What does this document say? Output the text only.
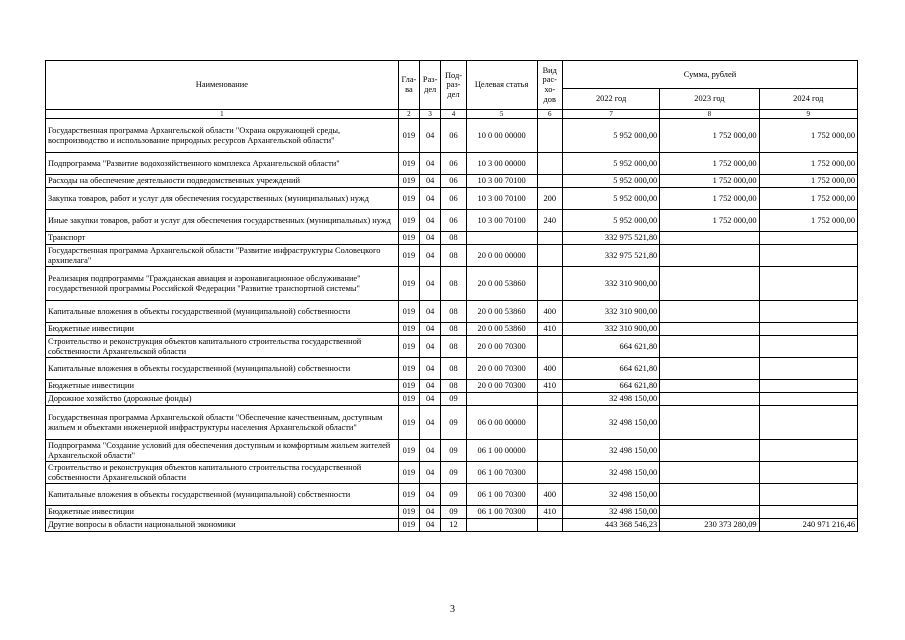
Наименование	Гла-ва	Раз-дел	Под-раз-дел	Целевая статья	Вид рас-хо-дов	Сумма, рублей		
						2022 год	2023 год	2024 год
1	2	3	4	5	6	7	8	9
Государственная программа Архангельской области "Охрана окружающей среды, воспроизводство и использование природных ресурсов Архангельской области"	019	04	06	10 0 00 00000		5 952 000,00	1 752 000,00	1 752 000,00
Подпрограмма "Развитие водохозяйственного комплекса Архангельской области"	019	04	06	10 3 00 00000		5 952 000,00	1 752 000,00	1 752 000,00
Расходы на обеспечение деятельности подведомственных учреждений	019	04	06	10 3 00 70100		5 952 000,00	1 752 000,00	1 752 000,00
Закупка товаров, работ и услуг для обеспечения государственных (муниципальных) нужд	019	04	06	10 3 00 70100	200	5 952 000,00	1 752 000,00	1 752 000,00
Иные закупки товаров, работ и услуг для обеспечения государственных (муниципальных) нужд	019	04	06	10 3 00 70100	240	5 952 000,00	1 752 000,00	1 752 000,00
Транспорт	019	04	08			332 975 521,80		
Государственная программа Архангельской области "Развитие инфраструктуры Соловецкого архипелага"	019	04	08	20 0 00 00000		332 975 521,80		
Реализация подпрограммы "Гражданская авиация и аэронавигационное обслуживание" государственной программы Российской Федерации "Развитие транспортной системы"	019	04	08	20 0 00 53860		332 310 900,00		
Капитальные вложения в объекты государственной (муниципальной) собственности	019	04	08	20 0 00 53860	400	332 310 900,00		
Бюджетные инвестиции	019	04	08	20 0 00 53860	410	332 310 900,00		
Строительство и реконструкция объектов капитального строительства государственной собственности Архангельской области	019	04	08	20 0 00 70300		664 621,80		
Капитальные вложения в объекты государственной (муниципальной) собственности	019	04	08	20 0 00 70300	400	664 621,80		
Бюджетные инвестиции	019	04	08	20 0 00 70300	410	664 621,80		
Дорожное хозяйство (дорожные фонды)	019	04	09			32 498 150,00		
Государственная программа Архангельской области "Обеспечение качественным, доступным жильем и объектами инженерной инфраструктуры населения Архангельской области"	019	04	09	06 0 00 00000		32 498 150,00		
Подпрограмма "Создание условий для обеспечения доступным и комфортным жильем жителей Архангельской области"	019	04	09	06 1 00 00000		32 498 150,00		
Строительство и реконструкция объектов капитального строительства государственной собственности Архангельской области	019	04	09	06 1 00 70300		32 498 150,00		
Капитальные вложения в объекты государственной (муниципальной) собственности	019	04	09	06 1 00 70300	400	32 498 150,00		
Бюджетные инвестиции	019	04	09	06 1 00 70300	410	32 498 150,00		
Другие вопросы в области национальной экономики	019	04	12			443 368 546,23	230 373 280,09	240 971 216,46
3
